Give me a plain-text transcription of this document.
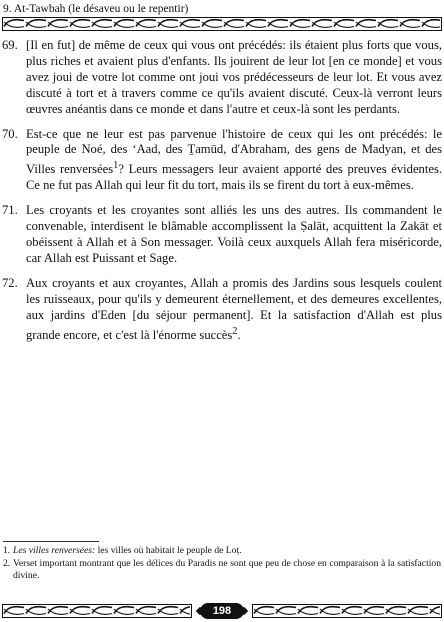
9. At-Tawbah (le désaveu ou le repentir)
69. [Il en fut] de même de ceux qui vous ont précédés: ils étaient plus forts que vous, plus riches et avaient plus d'enfants. Ils jouirent de leur lot [en ce monde] et vous avez joui de votre lot comme ont joui vos prédécesseurs de leur lot. Et vous avez discuté à tort et à travers comme ce qu'ils avaient discuté. Ceux-là verront leurs œuvres anéantis dans ce monde et dans l'autre et ceux-là sont les perdants.

70. Est-ce que ne leur est pas parvenue l'histoire de ceux qui les ont précédés: le peuple de Noé, des ‘Aad, des Ṯamūd, d'Abraham, des gens de Madyan, et des Villes renversées$^1$? Leurs messagers leur avaient apporté des preuves évidentes. Ce ne fut pas Allah qui leur fit du tort, mais ils se firent du tort à eux-mêmes.

71. Les croyants et les croyantes sont alliés les uns des autres. Ils commandent le convenable, interdisent le blâmable accomplissent la Ṣalāt, acquittent la Zakāt et obéissent à Allah et à Son messager. Voilà ceux auxquels Allah fera miséricorde, car Allah est Puissant et Sage.

72. Aux croyants et aux croyantes, Allah a promis des Jardins sous lesquels coulent les ruisseaux, pour qu'ils y demeurent éternellement, et des demeures excellentes, aux jardins d'Eden [du séjour permanent]. Et la satisfaction d'Allah est plus grande encore, et c'est là l'énorme succès$^2$.

1. Les villes renversées: les villes où habitait le peuple de Loṭ.
2. Verset important montrant que les délices du Paradis ne sont que peu de chose en comparaison à la satisfaction divine.
198
